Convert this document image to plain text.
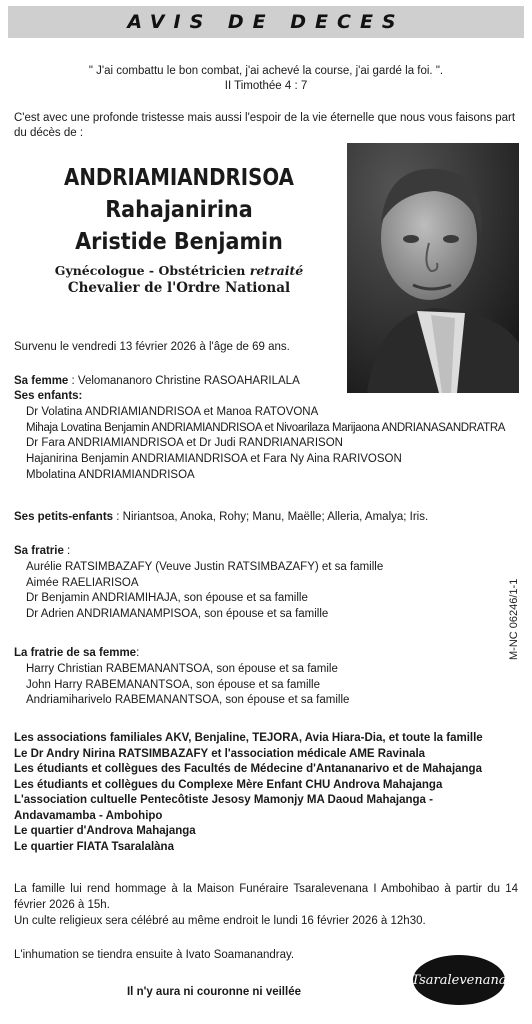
AVIS DE DECES
" J'ai combattu le bon combat, j'ai achevé la course, j'ai gardé la foi. ".
II Timothée 4 : 7
C'est avec une profonde tristesse mais aussi l'espoir de la vie éternelle que nous vous faisons part du décès de :
ANDRIAMIANDRISOA
Rahajanirina
Aristide Benjamin
Gynécologue - Obstétricien retraité
Chevalier de l'Ordre National
Survenu le vendredi 13 février 2026 à l'âge de 69 ans.
Sa femme : Velomananoro Christine RASOAHARILALA
Ses enfants:
Dr Volatina ANDRIAMIANDRISOA et Manoa RATOVONA
Mihaja Lovatina Benjamin ANDRIAMIANDRISOA et Nivoarilaza Marijaona ANDRIANASANDRATRA
Dr Fara ANDRIAMIANDRISOA et Dr Judi RANDRIANARISON
Hajanirina Benjamin ANDRIAMIANDRISOA et Fara Ny Aina RARIVOSON
Mbolatina ANDRIAMIANDRISOA
Ses petits-enfants : Niriantsoa, Anoka, Rohy; Manu, Maëlle; Alleria, Amalya; Iris.
Sa fratrie :
Aurélie RATSIMBAZAFY (Veuve Justin RATSIMBAZAFY) et sa famille
Aimée RAELIARISOA
Dr Benjamin ANDRIAMIHAJA, son épouse et sa famille
Dr Adrien ANDRIAMANAMPISOA, son épouse et sa famille
La fratrie de sa femme:
Harry Christian RABEMANANTSOA, son épouse et sa famile
John Harry RABEMANANTSOA, son épouse et sa famille
Andriamiharivelo RABEMANANTSOA, son épouse et sa famille
Les associations familiales AKV, Benjaline, TEJORA, Avia Hiara-Dia, et toute la famille
Le Dr Andry Nirina RATSIMBAZAFY et l'association médicale AME Ravinala
Les étudiants et collègues des Facultés de Médecine d'Antananarivo et de Mahajanga
Les étudiants et collègues du Complexe Mère Enfant CHU Androva Mahajanga
L'association cultuelle Pentecôtiste Jesosy Mamonjy MA Daoud Mahajanga - Andavamamba - Ambohipo
Le quartier d'Androva Mahajanga
Le quartier FIATA Tsaralalàna
La famille lui rend hommage à la Maison Funéraire Tsaralevenana I Ambohibao à partir du 14 février 2026 à 15h.
Un culte religieux sera célébré au même endroit le lundi 16 février 2026 à 12h30.
L'inhumation se tiendra ensuite à Ivato Soamanandray.
Il n'y aura ni couronne ni veillée
M-NC 06246/1-1
Tsaralevenana
